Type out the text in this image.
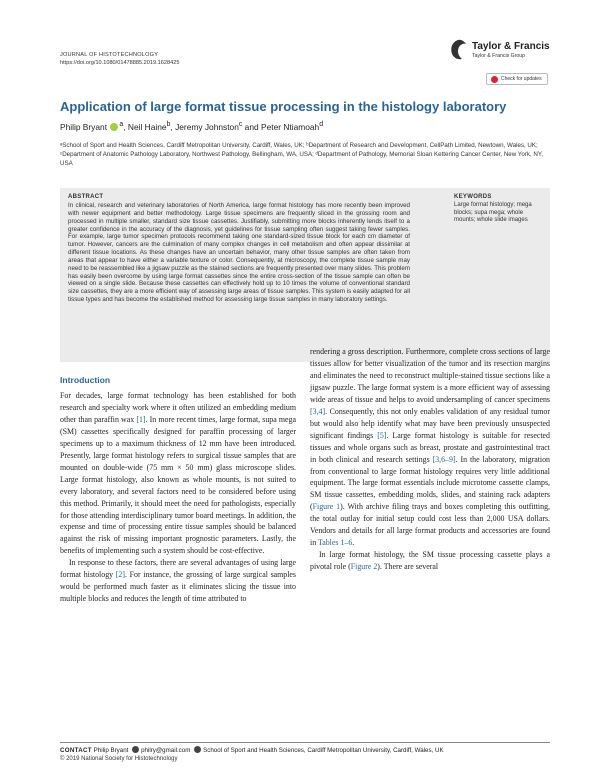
JOURNAL OF HISTOTECHNOLOGY
https://doi.org/10.1080/01478885.2019.1628425
Taylor & Francis
Taylor & Francis Group
Check for updates
Application of large format tissue processing in the histology laboratory
Philip Bryant $^a$, Neil Haine$^b$, Jeremy Johnston$^c$ and Peter Ntiamoah$^d$
ᵃSchool of Sport and Health Sciences, Cardiff Metropolitan University, Cardiff, Wales, UK; ᵇDepartment of Research and Development, CellPath Limited, Newtown, Wales, UK; ᶜDepartment of Anatomic Pathology Laboratory, Northwest Pathology, Bellingham, WA, USA; ᵈDepartment of Pathology, Memorial Sloan Kettering Cancer Center, New York, NY, USA
ABSTRACT
In clinical, research and veterinary laboratories of North America, large format histology has more recently been improved with newer equipment and better methodology. Large tissue specimens are frequently sliced in the grossing room and processed in multiple smaller, standard size tissue cassettes. Justifiably, submitting more blocks inherently lends itself to a greater confidence in the accuracy of the diagnosis, yet guidelines for tissue sampling often suggest taking fewer samples. For example, large tumor specimen protocols recommend taking one standard-sized tissue block for each cm diameter of tumor. However, cancers are the culmination of many complex changes in cell metabolism and often appear dissimilar at different tissue locations. As these changes have an uncertain behavior, many other tissue samples are often taken from areas that appear to have either a variable texture or color. Consequently, at microscopy, the complete tissue sample may need to be reassembled like a jigsaw puzzle as the stained sections are frequently presented over many slides. This problem has easily been overcome by using large format cassettes since the entire cross-section of the tissue sample can often be viewed on a single slide. Because these cassettes can effectively hold up to 10 times the volume of conventional standard size cassettes, they are a more efficient way of assessing large areas of tissue samples. This system is easily adapted for all tissue types and has become the established method for assessing large tissue samples in many laboratory settings.
KEYWORDS
Large format histology; mega blocks; supa mega; whole mounts; whole slide images
Introduction

For decades, large format technology has been established for both research and specialty work where it often utilized an embedding medium other than paraffin wax [1]. In more recent times, large format, supa mega (SM) cassettes specifically designed for paraffin processing of larger specimens up to a maximum thickness of 12 mm have been introduced. Presently, large format histology refers to surgical tissue samples that are mounted on double-wide (75 mm × 50 mm) glass microscope slides. Large format histology, also known as whole mounts, is not suited to every laboratory, and several factors need to be considered before using this method. Primarily, it should meet the need for pathologists, especially for those attending interdisciplinary tumor board meetings. In addition, the expense and time of processing entire tissue samples should be balanced against the risk of missing important prognostic parameters. Lastly, the benefits of implementing such a system should be cost-effective.

In response to these factors, there are several advantages of using large format histology [2]. For instance, the grossing of large surgical samples would be performed much faster as it eliminates slicing the tissue into multiple blocks and reduces the length of time attributed to

rendering a gross description. Furthermore, complete cross sections of large tissues allow for better visualization of the tumor and its resection margins and eliminates the need to reconstruct multiple-stained tissue sections like a jigsaw puzzle. The large format system is a more efficient way of assessing wide areas of tissue and helps to avoid undersampling of cancer specimens [3,4]. Consequently, this not only enables validation of any residual tumor but would also help identify what may have been previously unsuspected significant findings [5]. Large format histology is suitable for resected tissues and whole organs such as breast, prostate and gastrointestinal tract in both clinical and research settings [3,6–9]. In the laboratory, migration from conventional to large format histology requires very little additional equipment. The large format essentials include microtome cassette clamps, SM tissue cassettes, embedding molds, slides, and staining rack adapters (Figure 1). With archive filing trays and boxes completing this outfitting, the total outlay for initial setup could cost less than 2,000 USA dollars. Vendors and details for all large format products and accessories are found in Tables 1–6.

In large format histology, the SM tissue processing cassette plays a pivotal role (Figure 2). There are several

CONTACT Philip Bryant philry@gmail.com School of Sport and Health Sciences, Cardiff Metropolitan University, Cardiff, Wales, UK
© 2019 National Society for Histotechnology
